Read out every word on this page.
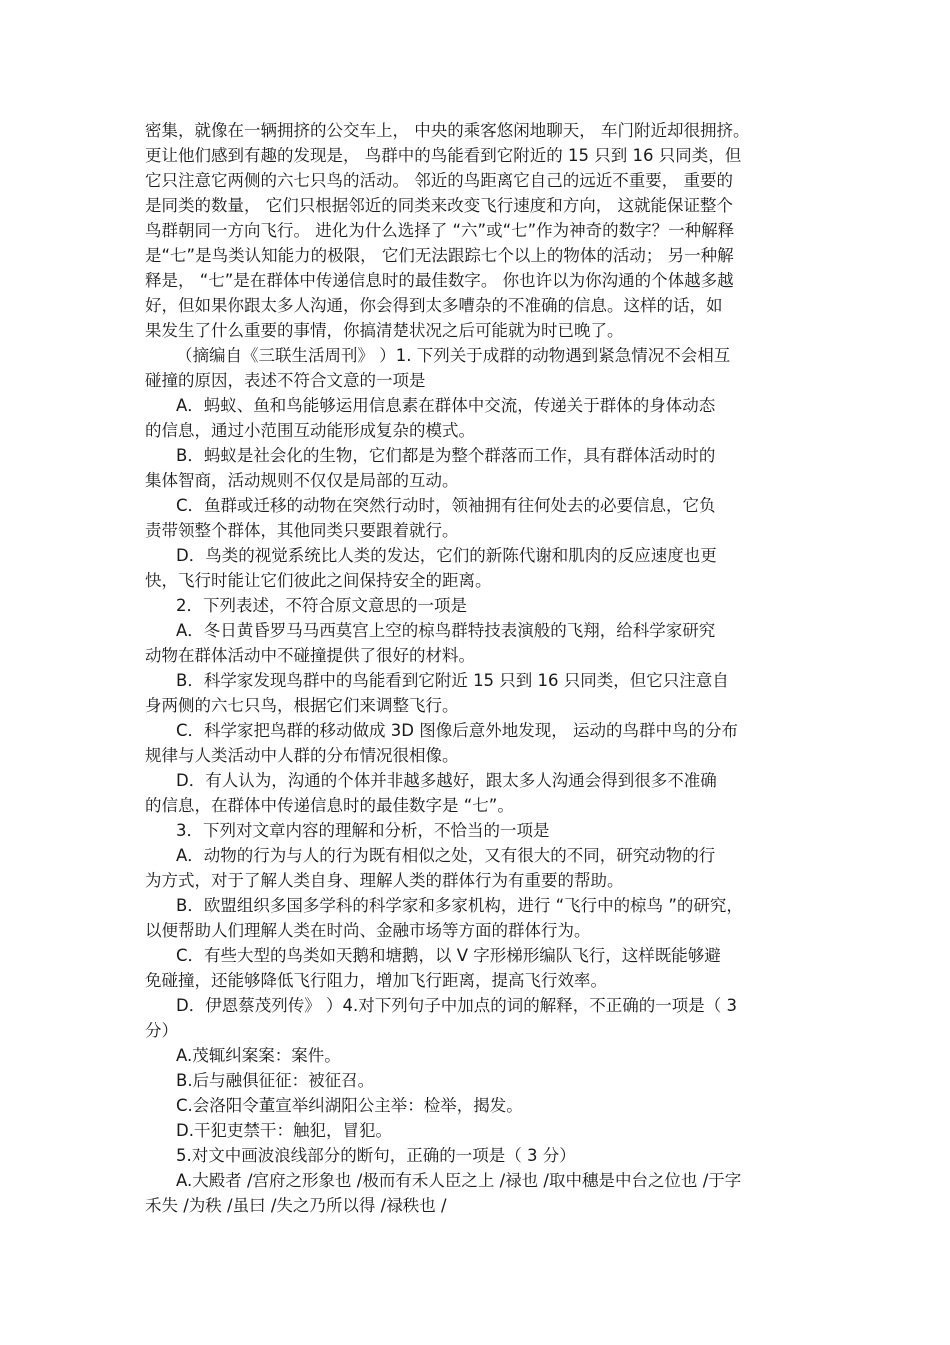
密集，就像在一辆拥挤的公交车上， 中央的乘客悠闲地聊天， 车门附近却很拥挤。
更让他们感到有趣的发现是， 鸟群中的鸟能看到它附近的 15 只到 16 只同类，但
它只注意它两侧的六七只鸟的活动。 邻近的鸟距离它自己的远近不重要， 重要的
是同类的数量， 它们只根据邻近的同类来改变飞行速度和方向， 这就能保证整个
鸟群朝同一方向飞行。 进化为什么选择了 “六”或“七”作为神奇的数字？一种解释
是“七”是鸟类认知能力的极限， 它们无法跟踪七个以上的物体的活动； 另一种解
释是， “七”是在群体中传递信息时的最佳数字。 你也许以为你沟通的个体越多越
好，但如果你跟太多人沟通，你会得到太多嘈杂的不准确的信息。这样的话，如
果发生了什么重要的事情，你搞清楚状况之后可能就为时已晚了。
（摘编自《三联生活周刊》 ）1. 下列关于成群的动物遇到紧急情况不会相互
碰撞的原因，表述不符合文意的一项是
A．蚂蚁、鱼和鸟能够运用信息素在群体中交流，传递关于群体的身体动态
的信息，通过小范围互动能形成复杂的模式。
B．蚂蚁是社会化的生物，它们都是为整个群落而工作，具有群体活动时的
集体智商，活动规则不仅仅是局部的互动。
C．鱼群或迁移的动物在突然行动时，领袖拥有往何处去的必要信息，它负
责带领整个群体，其他同类只要跟着就行。
D．鸟类的视觉系统比人类的发达，它们的新陈代谢和肌肉的反应速度也更
快，飞行时能让它们彼此之间保持安全的距离。
2．下列表述，不符合原文意思的一项是
A．冬日黄昏罗马马西莫宫上空的椋鸟群特技表演般的飞翔，给科学家研究
动物在群体活动中不碰撞提供了很好的材料。
B．科学家发现鸟群中的鸟能看到它附近 15 只到 16 只同类，但它只注意自
身两侧的六七只鸟，根据它们来调整飞行。
C．科学家把鸟群的移动做成 3D 图像后意外地发现， 运动的鸟群中鸟的分布
规律与人类活动中人群的分布情况很相像。
D．有人认为，沟通的个体并非越多越好，跟太多人沟通会得到很多不准确
的信息，在群体中传递信息时的最佳数字是 “七”。
3．下列对文章内容的理解和分析，不恰当的一项是
A．动物的行为与人的行为既有相似之处，又有很大的不同，研究动物的行
为方式，对于了解人类自身、理解人类的群体行为有重要的帮助。
B．欧盟组织多国多学科的科学家和多家机构，进行 “飞行中的椋鸟 ”的研究，
以便帮助人们理解人类在时尚、金融市场等方面的群体行为。
C．有些大型的鸟类如天鹅和塘鹅，以 V 字形梯形编队飞行，这样既能够避
免碰撞，还能够降低飞行阻力，增加飞行距离，提高飞行效率。
D．伊恩蔡茂列传》 ）4.对下列句子中加点的词的解释，不正确的一项是（ 3
分）
A.茂辄纠案案：案件。
B.后与融俱征征：被征召。
C.会洛阳令董宣举纠湖阳公主举：检举，揭发。
D.干犯吏禁干：触犯，冒犯。
5.对文中画波浪线部分的断句，正确的一项是（ 3 分）
A.大殿者 /宫府之形象也 /极而有禾人臣之上 /禄也 /取中穗是中台之位也 /于字
禾失 /为秩 /虽曰 /失之乃所以得 /禄秩也 /
